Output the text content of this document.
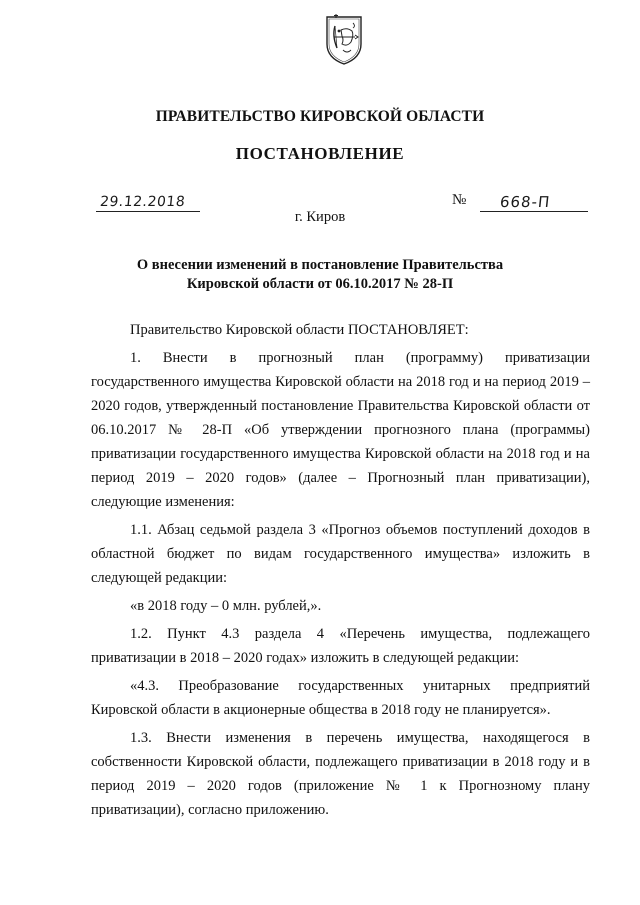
ПРАВИТЕЛЬСТВО КИРОВСКОЙ ОБЛАСТИ
ПОСТАНОВЛЕНИЕ
29.12.2018	№ 668-П
г. Киров
О внесении изменений в постановление Правительства
Кировской области от 06.10.2017 № 28-П

Правительство Кировской области ПОСТАНОВЛЯЕТ:

1. Внести в прогнозный план (программу) приватизации государственного имущества Кировской области на 2018 год и на период 2019 – 2020 годов, утвержденный постановление Правительства Кировской области от 06.10.2017 № 28-П «Об утверждении прогнозного плана (программы) приватизации государственного имущества Кировской области на 2018 год и на период 2019 – 2020 годов» (далее – Прогнозный план приватизации), следующие изменения:

1.1. Абзац седьмой раздела 3 «Прогноз объемов поступлений доходов в областной бюджет по видам государственного имущества» изложить в следующей редакции:

«в 2018 году – 0 млн. рублей,».

1.2. Пункт 4.3 раздела 4 «Перечень имущества, подлежащего приватизации в 2018 – 2020 годах» изложить в следующей редакции:

«4.3. Преобразование государственных унитарных предприятий Кировской области в акционерные общества в 2018 году не планируется».

1.3. Внести изменения в перечень имущества, находящегося в собственности Кировской области, подлежащего приватизации в 2018 году и в период 2019 – 2020 годов (приложение № 1 к Прогнозному плану приватизации), согласно приложению.
